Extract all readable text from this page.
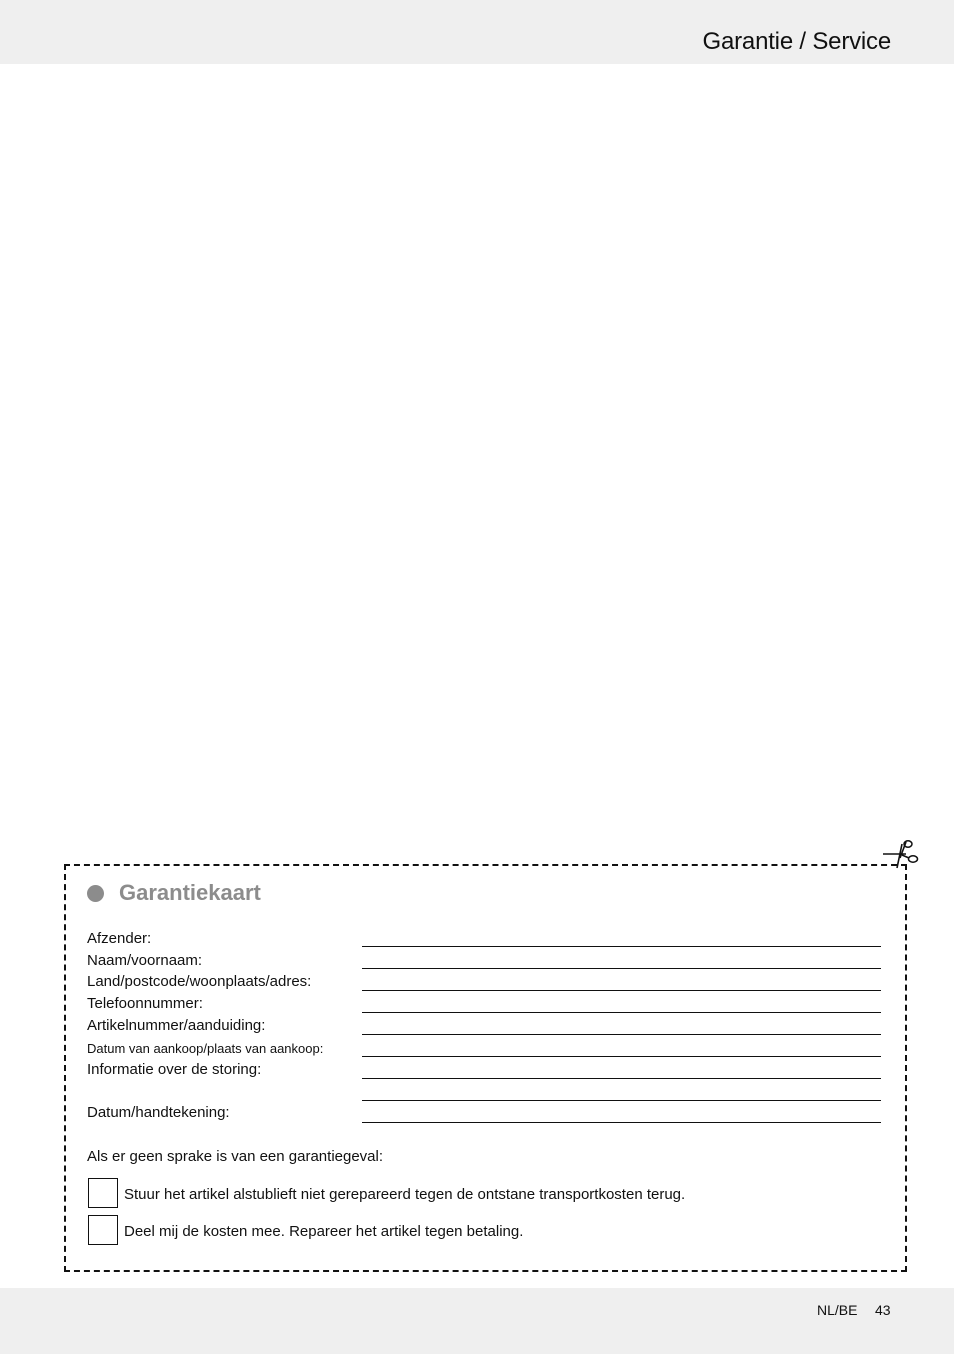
Garantie / Service
Garantiekaart
Afzender:
Naam/voornaam:
Land/postcode/woonplaats/adres:
Telefoonnummer:
Artikelnummer/aanduiding:
Datum van aankoop/plaats van aankoop:
Informatie over de storing:
Datum/handtekening:
Als er geen sprake is van een garantiegeval:
Stuur het artikel alstublieft niet gerepareerd tegen de ontstane transportkosten terug.
Deel mij de kosten mee. Repareer het artikel tegen betaling.
NL/BE 43
